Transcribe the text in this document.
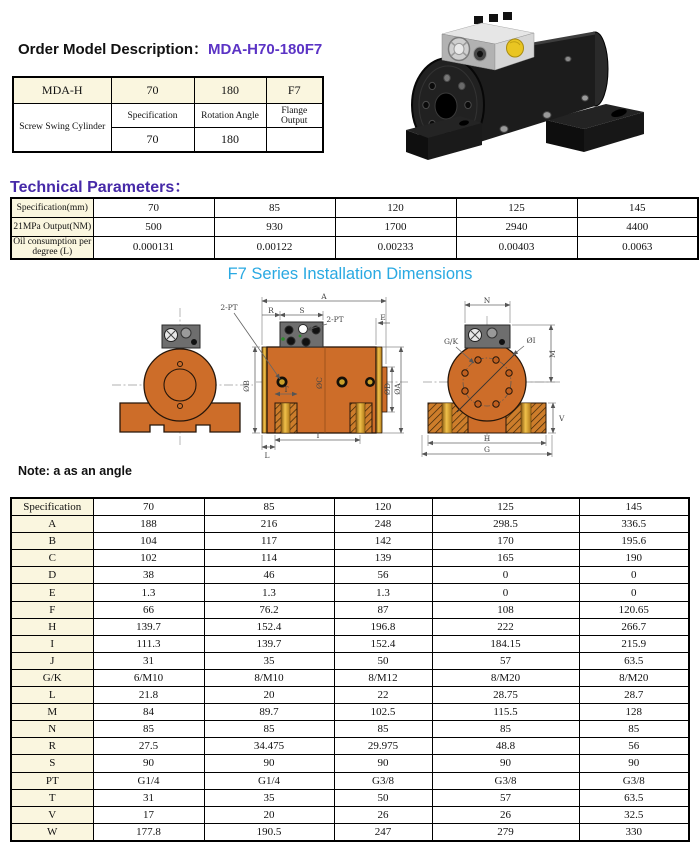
Order Model Description：MDA-H70-180F7
MDA-H	70	180	F7
Screw Swing Cylinder	Specification	Rotation Angle	Flange Output
	70	180	
Technical Parameters：
Specification(mm)	70	85	120	125	145
21MPa Output(NM)	500	930	1700	2940	4400
Oil consumption per degree (L)	0.000131	0.00122	0.00233	0.00403	0.0063
F7 Series Installation Dimensions
A
R	S
2-PT
2-PT	E
ØB	ØC	ØD ØA
T
L
I
N
G/K	ØI
M
V
H
G
Note: a as an angle
Specification	70	85	120	125	145
A	188	216	248	298.5	336.5
B	104	117	142	170	195.6
C	102	114	139	165	190
D	38	46	56	0	0
E	1.3	1.3	1.3	0	0
F	66	76.2	87	108	120.65
H	139.7	152.4	196.8	222	266.7
I	111.3	139.7	152.4	184.15	215.9
J	31	35	50	57	63.5
G/K	6/M10	8/M10	8/M12	8/M20	8/M20
L	21.8	20	22	28.75	28.7
M	84	89.7	102.5	115.5	128
N	85	85	85	85	85
R	27.5	34.475	29.975	48.8	56
S	90	90	90	90	90
PT	G1/4	G1/4	G3/8	G3/8	G3/8
T	31	35	50	57	63.5
V	17	20	26	26	32.5
W	177.8	190.5	247	279	330
